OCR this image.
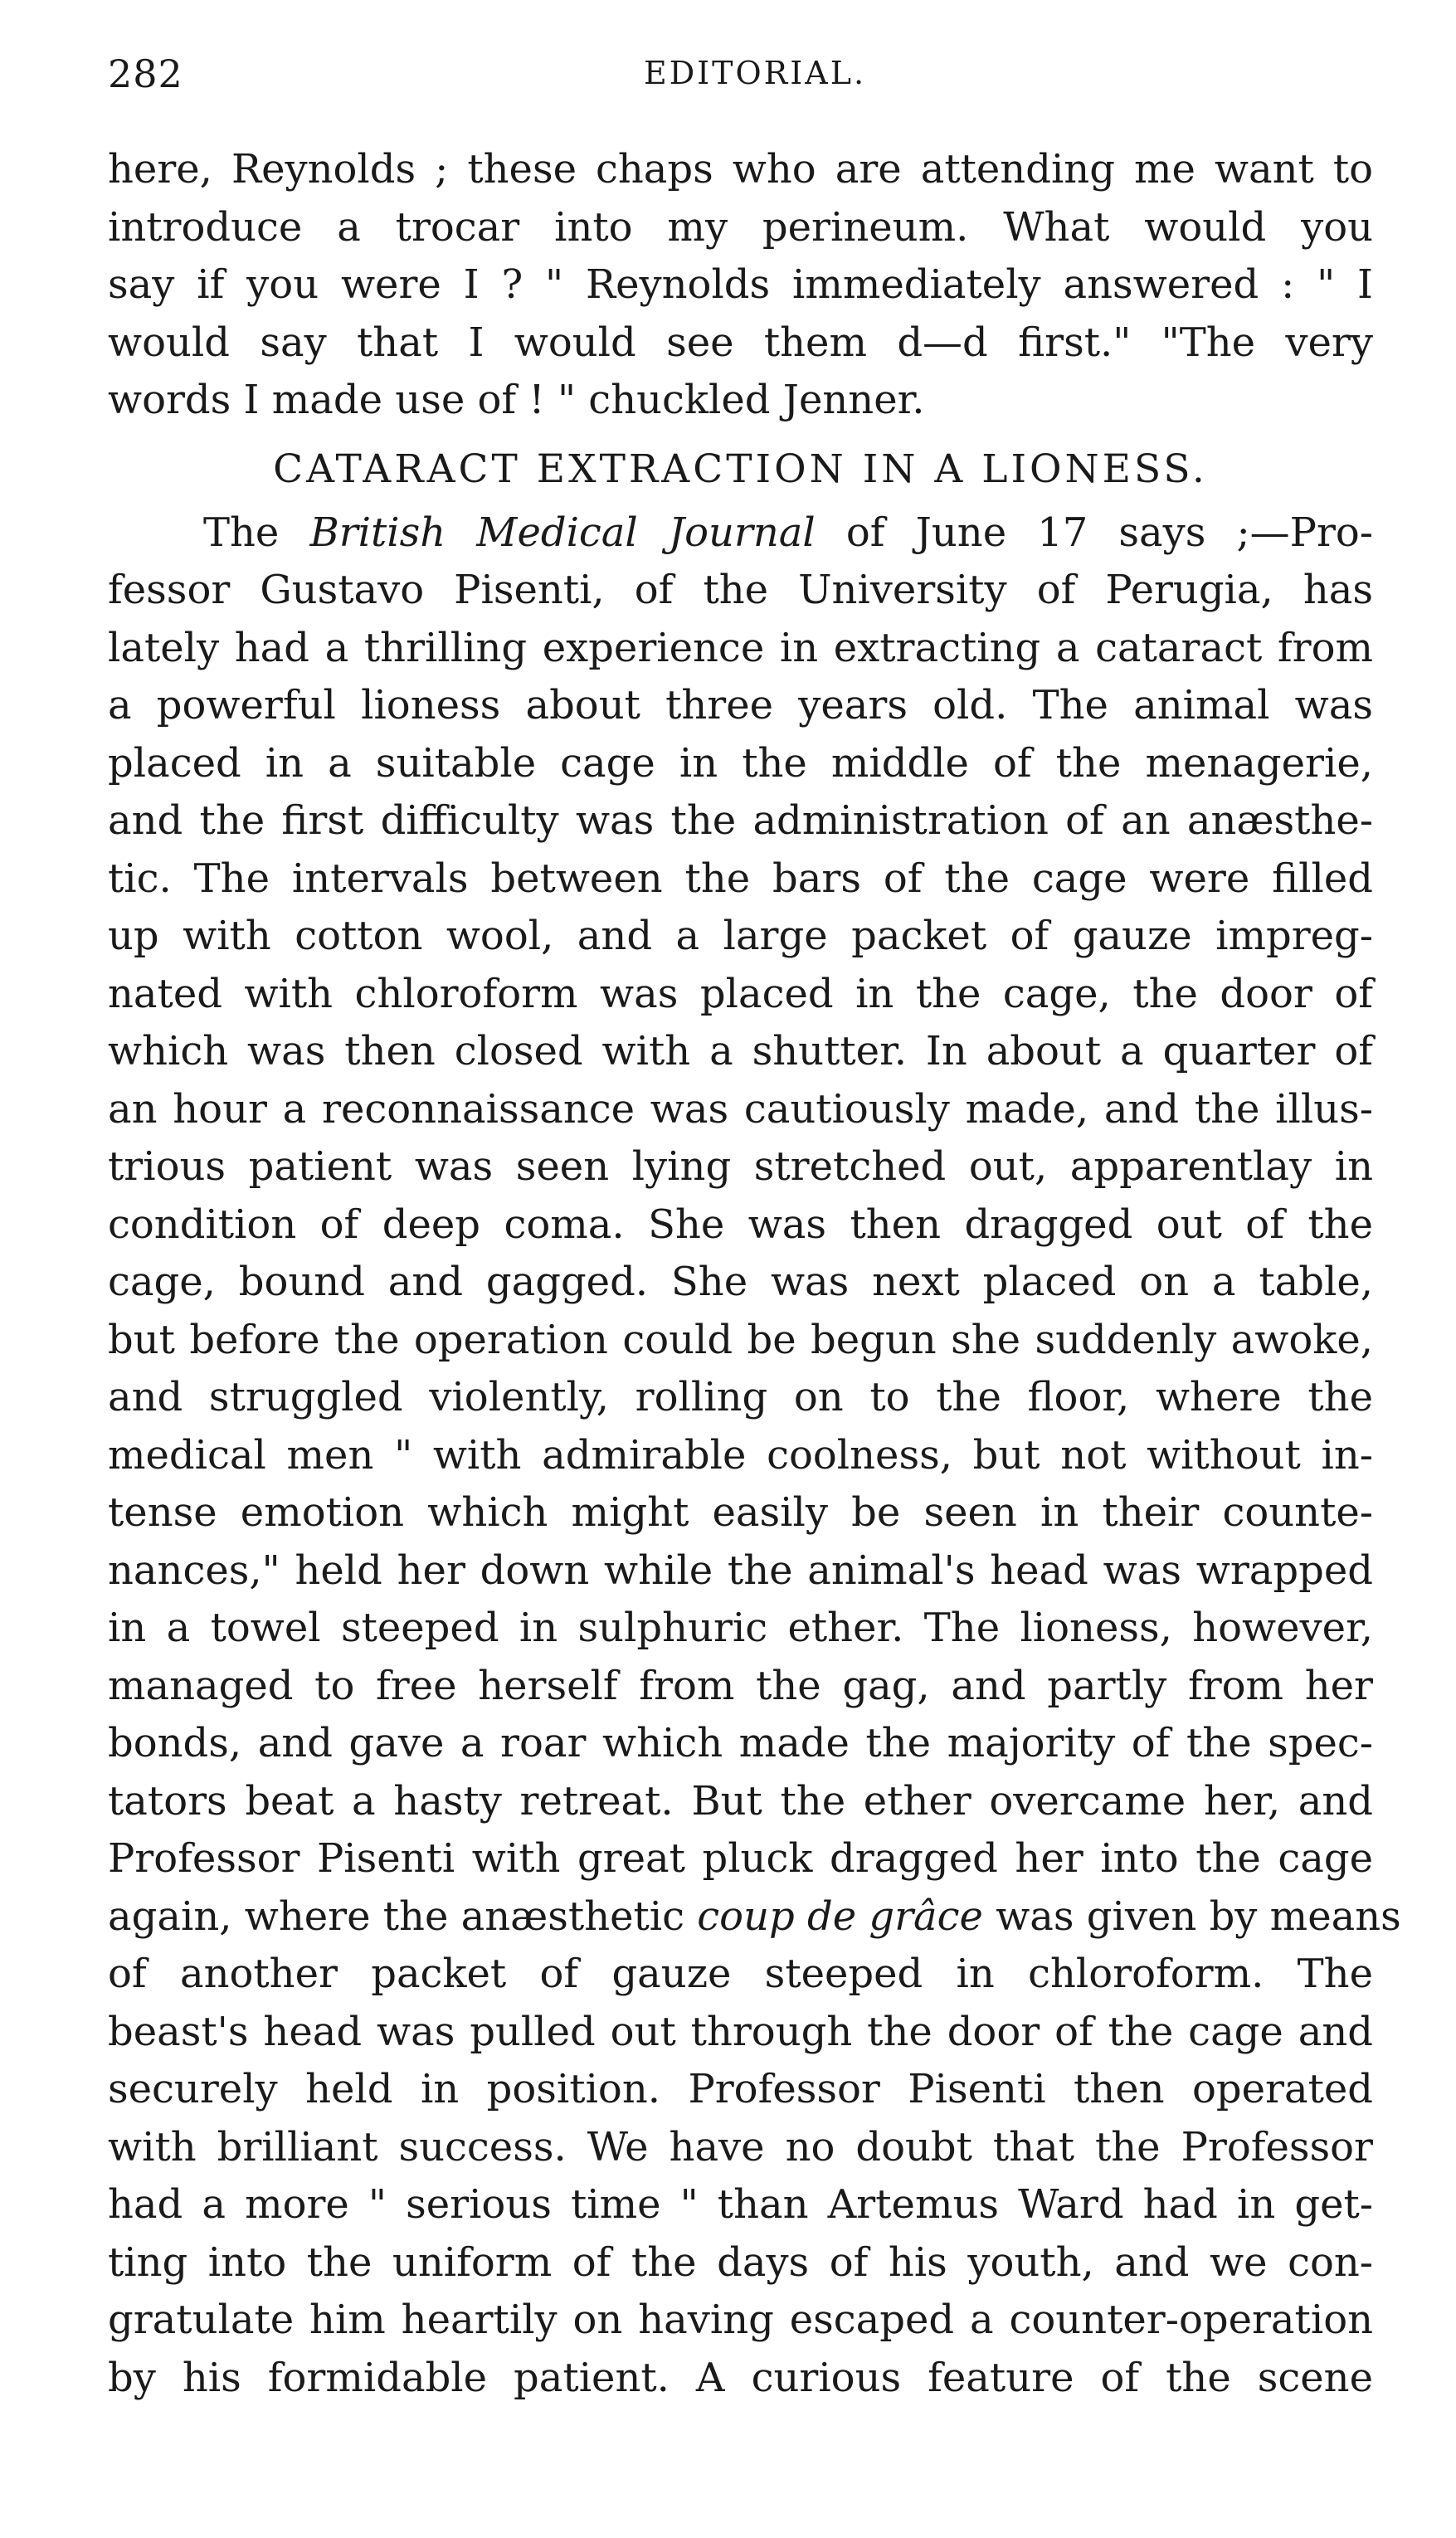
282	EDITORIAL.
here, Reynolds ; these chaps who are attending me want to
introduce a trocar into my perineum. What would you
say if you were I ? " Reynolds immediately answered : " I
would say that I would see them d—d first." "The very
words I made use of ! " chuckled Jenner.
CATARACT EXTRACTION IN A LIONESS.
The British Medical Journal of June 17 says ;—Pro-
fessor Gustavo Pisenti, of the University of Perugia, has
lately had a thrilling experience in extracting a cataract from
a powerful lioness about three years old. The animal was
placed in a suitable cage in the middle of the menagerie,
and the first difficulty was the administration of an anæsthe-
tic. The intervals between the bars of the cage were filled
up with cotton wool, and a large packet of gauze impreg-
nated with chloroform was placed in the cage, the door of
which was then closed with a shutter. In about a quarter of
an hour a reconnaissance was cautiously made, and the illus-
trious patient was seen lying stretched out, apparentlay in
condition of deep coma. She was then dragged out of the
cage, bound and gagged. She was next placed on a table,
but before the operation could be begun she suddenly awoke,
and struggled violently, rolling on to the floor, where the
medical men " with admirable coolness, but not without in-
tense emotion which might easily be seen in their counte-
nances," held her down while the animal's head was wrapped
in a towel steeped in sulphuric ether. The lioness, however,
managed to free herself from the gag, and partly from her
bonds, and gave a roar which made the majority of the spec-
tators beat a hasty retreat. But the ether overcame her, and
Professor Pisenti with great pluck dragged her into the cage
again, where the anæsthetic coup de grâce was given by means
of another packet of gauze steeped in chloroform. The
beast's head was pulled out through the door of the cage and
securely held in position. Professor Pisenti then operated
with brilliant success. We have no doubt that the Professor
had a more " serious time " than Artemus Ward had in get-
ting into the uniform of the days of his youth, and we con-
gratulate him heartily on having escaped a counter-operation
by his formidable patient. A curious feature of the scene
